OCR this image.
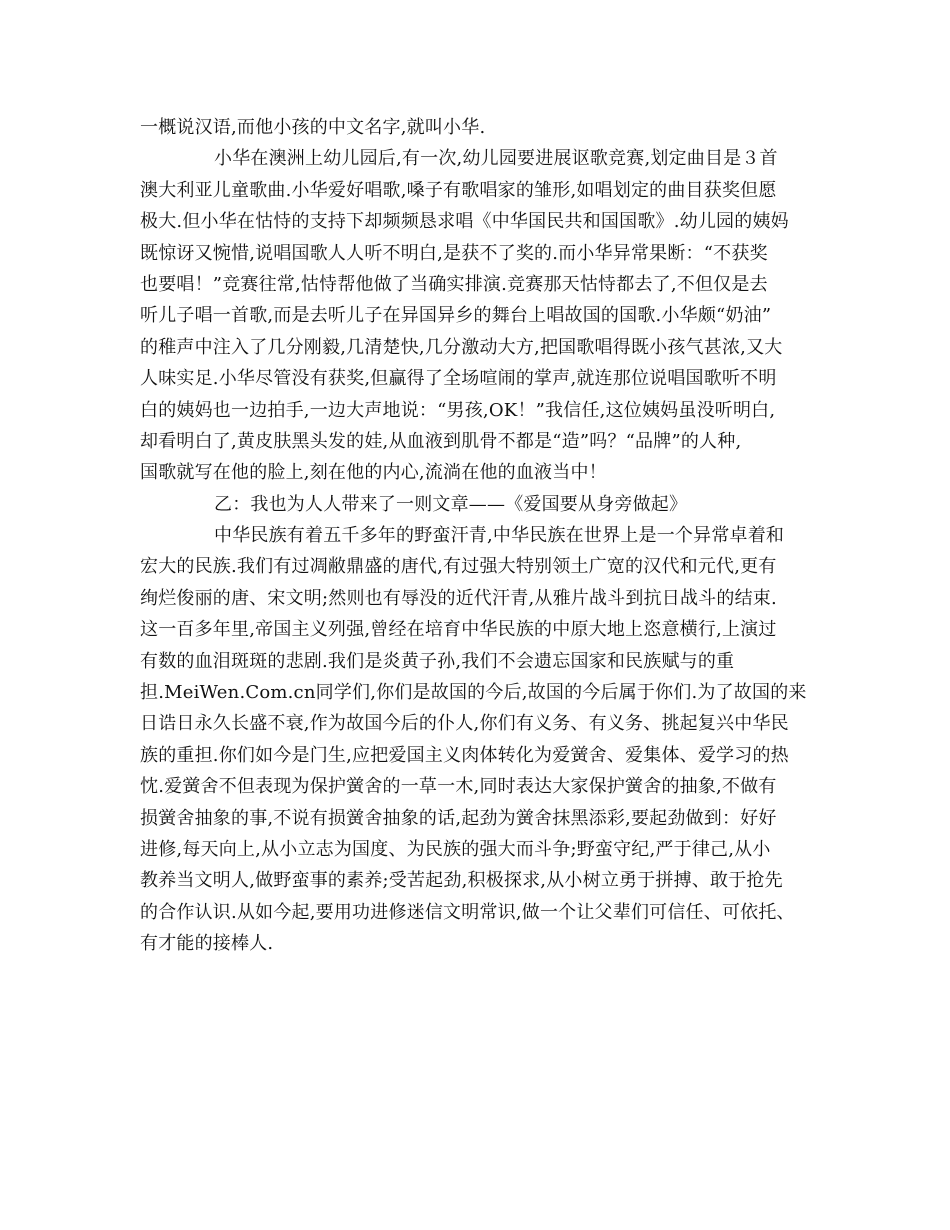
一概说汉语,而他小孩的中文名字,就叫小华.
小华在澳洲上幼儿园后,有一次,幼儿园要进展讴歌竞赛,划定曲目是３首
澳大利亚儿童歌曲.小华爱好唱歌,嗓子有歌唱家的雏形,如唱划定的曲目获奖但愿
极大.但小华在怙恃的支持下却频频恳求唱《中华国民共和国国歌》.幼儿园的姨妈
既惊讶又惋惜,说唱国歌人人听不明白,是获不了奖的.而小华异常果断：“不获奖
也要唱！”竞赛往常,怙恃帮他做了当确实排演.竞赛那天怙恃都去了,不但仅是去
听儿子唱一首歌,而是去听儿子在异国异乡的舞台上唱故国的国歌.小华颇“奶油”
的稚声中注入了几分刚毅,几清楚快,几分激动大方,把国歌唱得既小孩气甚浓,又大
人味实足.小华尽管没有获奖,但赢得了全场喧闹的掌声,就连那位说唱国歌听不明
白的姨妈也一边拍手,一边大声地说：“男孩,OK！”我信任,这位姨妈虽没听明白,
却看明白了,黄皮肤黑头发的娃,从血液到肌骨不都是“造”吗？“品牌”的人种,
国歌就写在他的脸上,刻在他的内心,流淌在他的血液当中！
乙：我也为人人带来了一则文章——《爱国要从身旁做起》
中华民族有着五千多年的野蛮汗青,中华民族在世界上是一个异常卓着和
宏大的民族.我们有过凋敝鼎盛的唐代,有过强大特别领土广宽的汉代和元代,更有
绚烂俊丽的唐、宋文明;然则也有辱没的近代汗青,从雅片战斗到抗日战斗的结束.
这一百多年里,帝国主义列强,曾经在培育中华民族的中原大地上恣意横行,上演过
有数的血泪斑斑的悲剧.我们是炎黄子孙,我们不会遗忘国家和民族赋与的重
担.MeiWen.Com.cn同学们,你们是故国的今后,故国的今后属于你们.为了故国的来
日诰日永久长盛不衰,作为故国今后的仆人,你们有义务、有义务、挑起复兴中华民
族的重担.你们如今是门生,应把爱国主义肉体转化为爱黉舍、爱集体、爱学习的热
忱.爱黉舍不但表现为保护黉舍的一草一木,同时表达大家保护黉舍的抽象,不做有
损黉舍抽象的事,不说有损黉舍抽象的话,起劲为黉舍抹黑添彩,要起劲做到：好好
进修,每天向上,从小立志为国度、为民族的强大而斗争;野蛮守纪,严于律己,从小
教养当文明人,做野蛮事的素养;受苦起劲,积极探求,从小树立勇于拼搏、敢于抢先
的合作认识.从如今起,要用功进修迷信文明常识,做一个让父辈们可信任、可依托、
有才能的接棒人.
